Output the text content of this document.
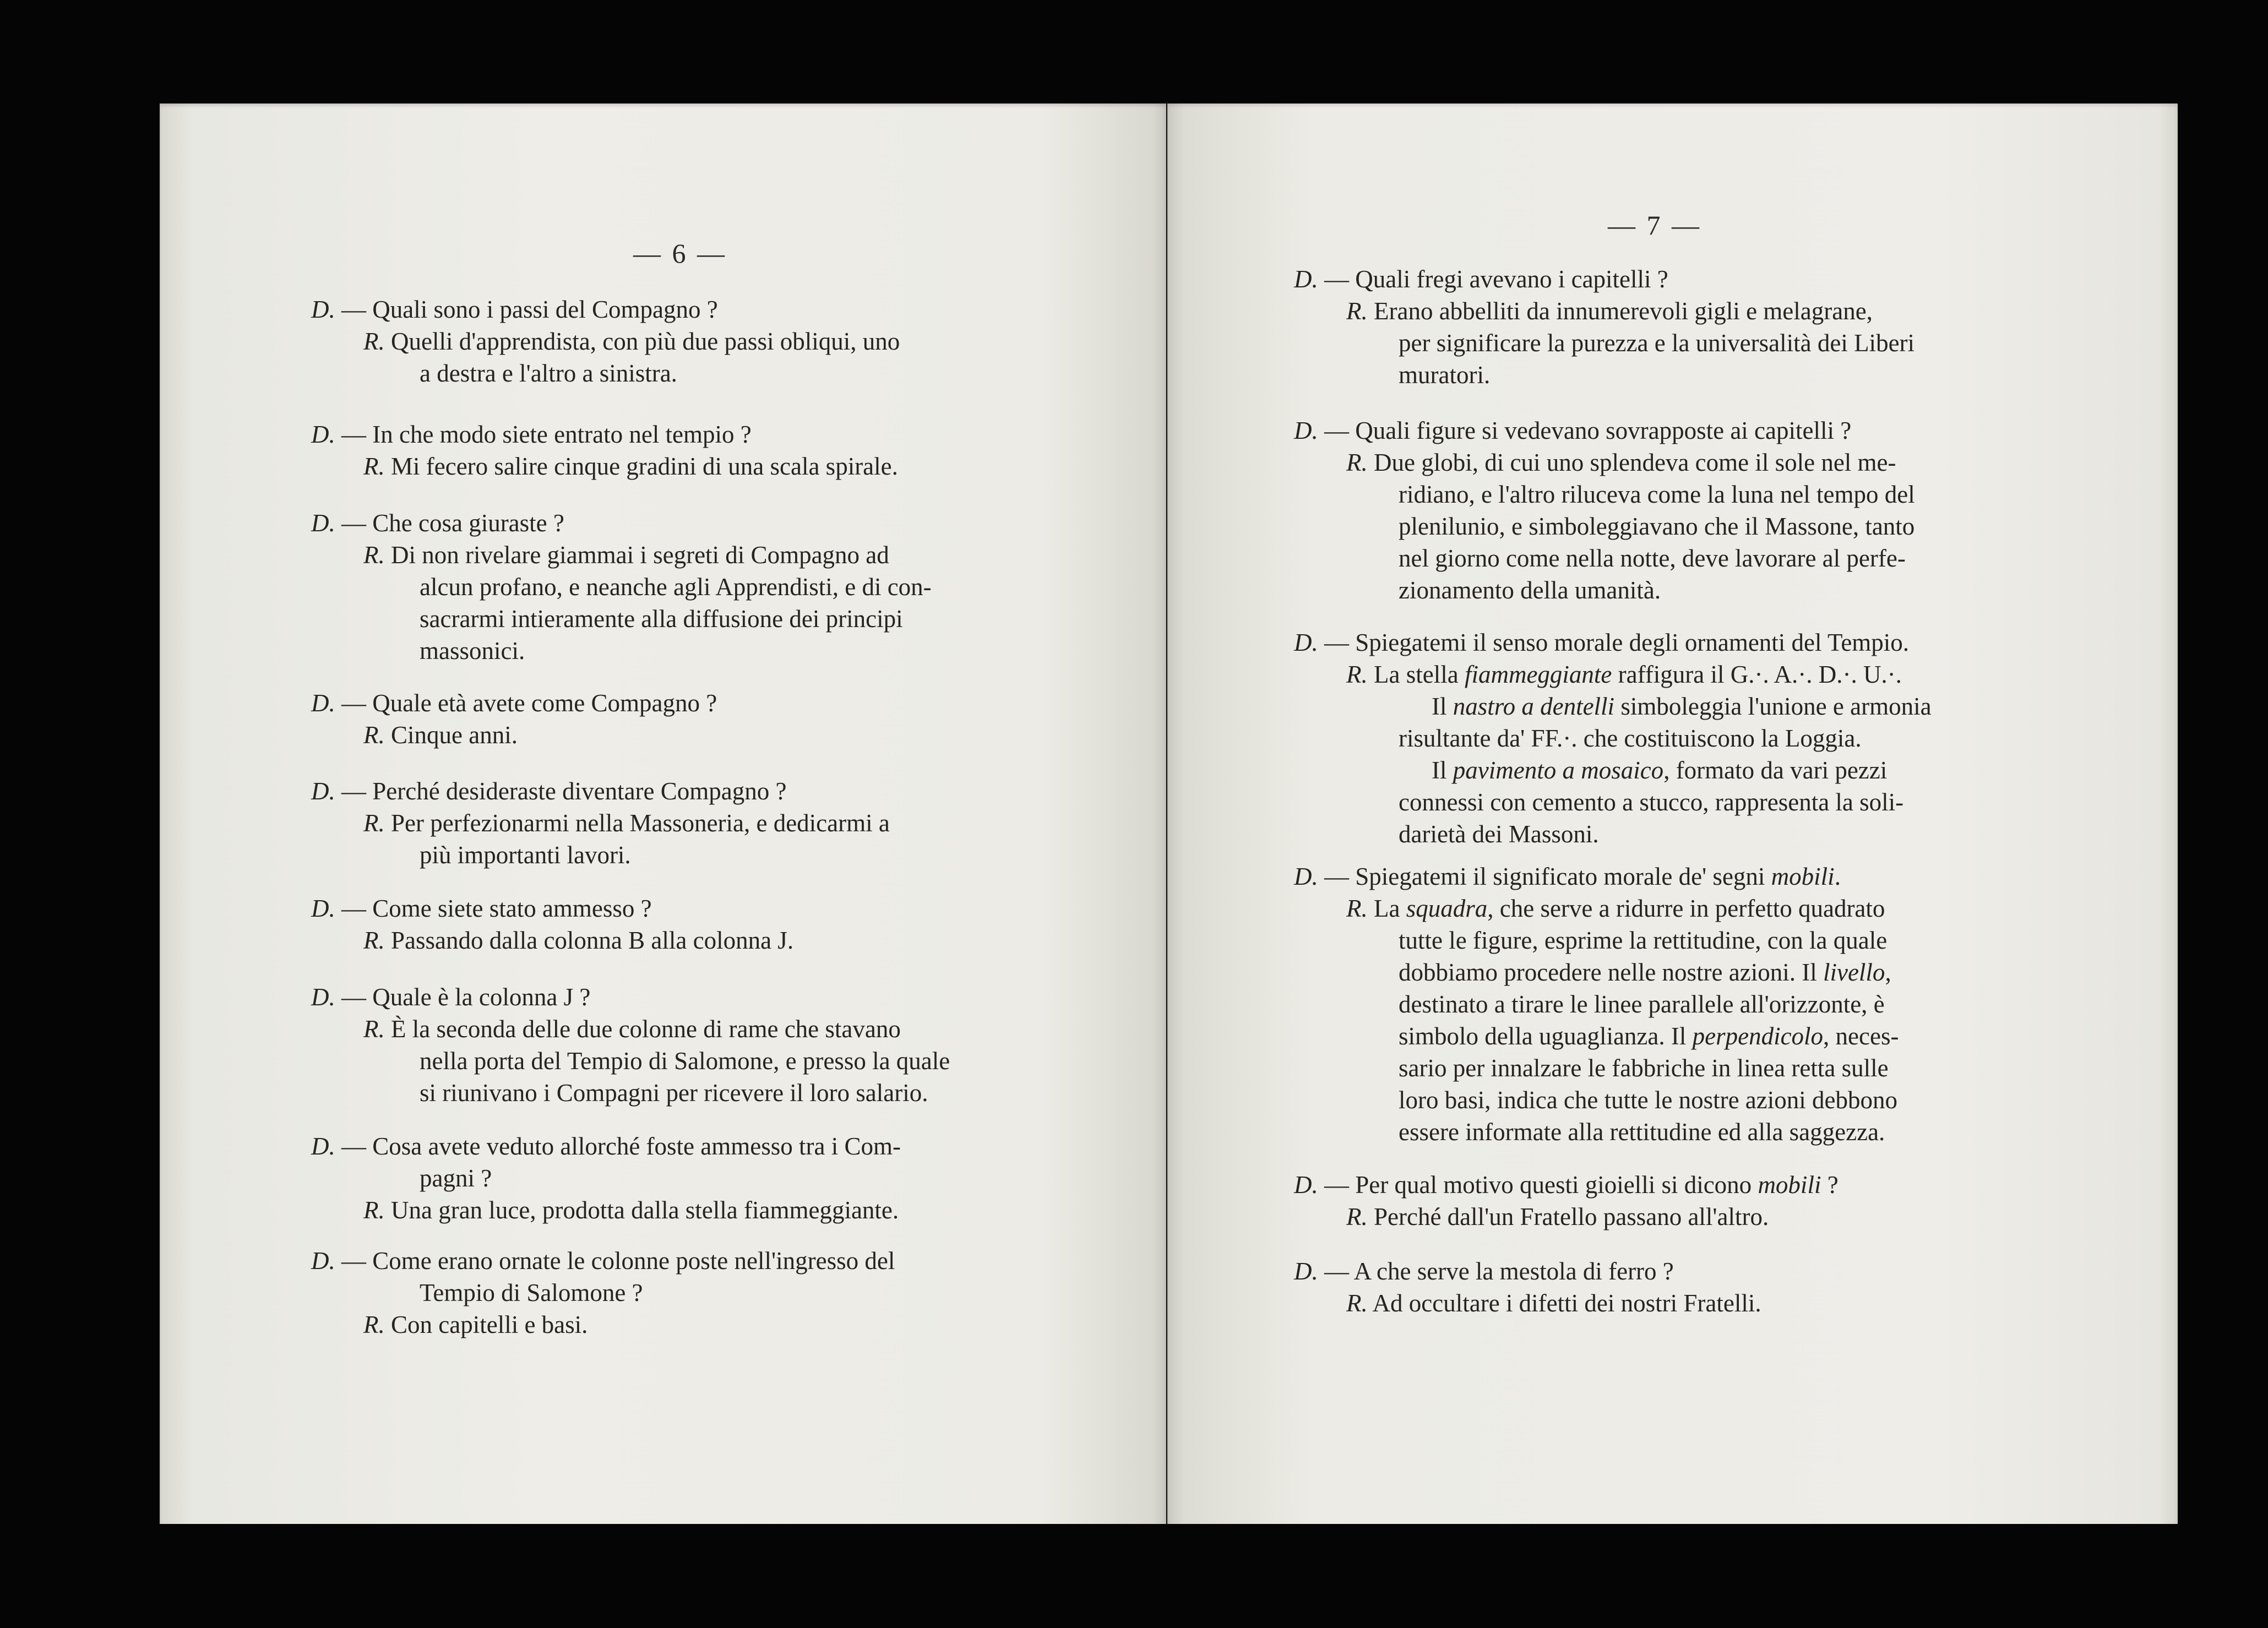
— 6 —
D. — Quali sono i passi del Compagno ?
R. Quelli d'apprendista, con più due passi obliqui, uno
a destra e l'altro a sinistra.
D. — In che modo siete entrato nel tempio ?
R. Mi fecero salire cinque gradini di una scala spirale.
D. — Che cosa giuraste ?
R. Di non rivelare giammai i segreti di Compagno ad
alcun profano, e neanche agli Apprendisti, e di con-
sacrarmi intieramente alla diffusione dei principi
massonici.
D. — Quale età avete come Compagno ?
R. Cinque anni.
D. — Perché desideraste diventare Compagno ?
R. Per perfezionarmi nella Massoneria, e dedicarmi a
più importanti lavori.
D. — Come siete stato ammesso ?
R. Passando dalla colonna B alla colonna J.
D. — Quale è la colonna J ?
R. È la seconda delle due colonne di rame che stavano
nella porta del Tempio di Salomone, e presso la quale
si riunivano i Compagni per ricevere il loro salario.
D. — Cosa avete veduto allorché foste ammesso tra i Com-
pagni ?
R. Una gran luce, prodotta dalla stella fiammeggiante.
D. — Come erano ornate le colonne poste nell'ingresso del
Tempio di Salomone ?
R. Con capitelli e basi.
— 7 —
D. — Quali fregi avevano i capitelli ?
R. Erano abbelliti da innumerevoli gigli e melagrane,
per significare la purezza e la universalità dei Liberi
muratori.
D. — Quali figure si vedevano sovrapposte ai capitelli ?
R. Due globi, di cui uno splendeva come il sole nel me-
ridiano, e l'altro riluceva come la luna nel tempo del
plenilunio, e simboleggiavano che il Massone, tanto
nel giorno come nella notte, deve lavorare al perfe-
zionamento della umanità.
D. — Spiegatemi il senso morale degli ornamenti del Tempio.
R. La stella fiammeggiante raffigura il G.·. A.·. D.·. U.·.
Il nastro a dentelli simboleggia l'unione e armonia
risultante da' FF.·. che costituiscono la Loggia.
Il pavimento a mosaico, formato da vari pezzi
connessi con cemento a stucco, rappresenta la soli-
darietà dei Massoni.
D. — Spiegatemi il significato morale de' segni mobili.
R. La squadra, che serve a ridurre in perfetto quadrato
tutte le figure, esprime la rettitudine, con la quale
dobbiamo procedere nelle nostre azioni. Il livello,
destinato a tirare le linee parallele all'orizzonte, è
simbolo della uguaglianza. Il perpendicolo, neces-
sario per innalzare le fabbriche in linea retta sulle
loro basi, indica che tutte le nostre azioni debbono
essere informate alla rettitudine ed alla saggezza.
D. — Per qual motivo questi gioielli si dicono mobili ?
R. Perché dall'un Fratello passano all'altro.
D. — A che serve la mestola di ferro ?
R. Ad occultare i difetti dei nostri Fratelli.
